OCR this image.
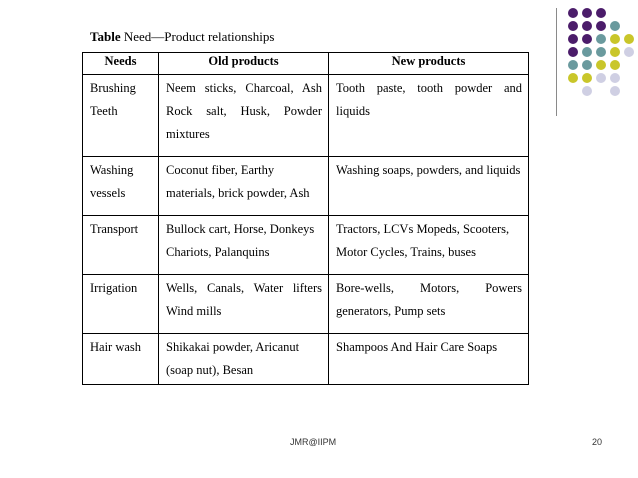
Table Need—Product relationships
Needs	Old products	New products
Brushing Teeth	Neem sticks, Charcoal, Ash Rock salt, Husk, Powder mixtures	Tooth paste, tooth powder and liquids
Washing vessels	Coconut fiber, Earthy materials, brick powder, Ash	Washing soaps, powders, and liquids
Transport	Bullock cart, Horse, Donkeys Chariots, Palanquins	Tractors, LCVs Mopeds, Scooters, Motor Cycles, Trains, buses
Irrigation	Wells, Canals, Water lifters Wind mills	Bore-wells, Motors, Powers generators, Pump sets
Hair wash	Shikakai powder, Aricanut (soap nut), Besan	Shampoos And Hair Care Soaps
JMR@IIPM	20
